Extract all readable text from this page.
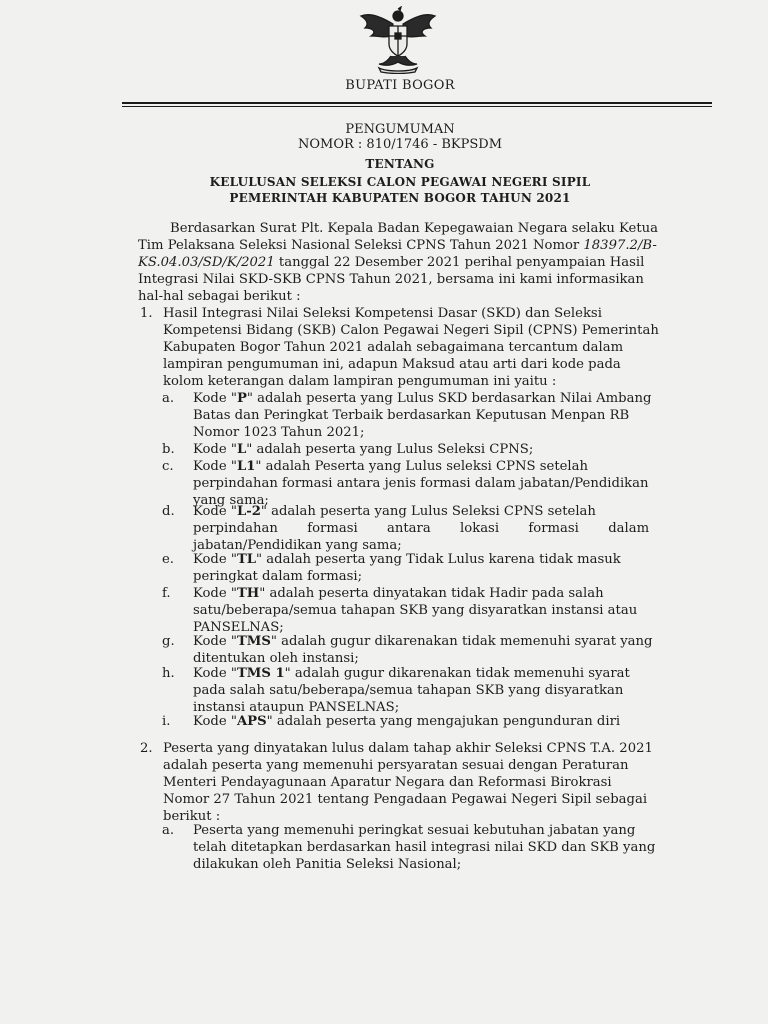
BUPATI BOGOR
PENGUMUMAN
NOMOR : 810/1746 - BKPSDM
TENTANG
KELULUSAN SELEKSI CALON PEGAWAI NEGERI SIPIL
PEMERINTAH KABUPATEN BOGOR TAHUN 2021
Berdasarkan Surat Plt. Kepala Badan Kepegawaian Negara selaku Ketua
Tim Pelaksana Seleksi Nasional Seleksi CPNS Tahun 2021 Nomor 18397.2/B-
KS.04.03/SD/K/2021 tanggal 22 Desember 2021 perihal penyampaian Hasil
Integrasi Nilai SKD-SKB CPNS Tahun 2021, bersama ini kami informasikan
hal-hal sebagai berikut :
1. Hasil Integrasi Nilai Seleksi Kompetensi Dasar (SKD) dan Seleksi
Kompetensi Bidang (SKB) Calon Pegawai Negeri Sipil (CPNS) Pemerintah
Kabupaten Bogor Tahun 2021 adalah sebagaimana tercantum dalam
lampiran pengumuman ini, adapun Maksud atau arti dari kode pada
kolom keterangan dalam lampiran pengumuman ini yaitu :
a. Kode "P" adalah peserta yang Lulus SKD berdasarkan Nilai Ambang
Batas dan Peringkat Terbaik berdasarkan Keputusan Menpan RB
Nomor 1023 Tahun 2021;
b. Kode "L" adalah peserta yang Lulus Seleksi CPNS;
c. Kode "L1" adalah Peserta yang Lulus seleksi CPNS setelah
perpindahan formasi antara jenis formasi dalam jabatan/Pendidikan
yang sama;
d. Kode "L-2" adalah peserta yang Lulus Seleksi CPNS setelah
perpindahan       formasi       antara       lokasi       formasi       dalam
jabatan/Pendidikan yang sama;
e. Kode "TL" adalah peserta yang Tidak Lulus karena tidak masuk
peringkat dalam formasi;
f. Kode "TH" adalah peserta dinyatakan tidak Hadir pada salah
satu/beberapa/semua tahapan SKB yang disyaratkan instansi atau
PANSELNAS;
g. Kode "TMS" adalah gugur dikarenakan tidak memenuhi syarat yang
ditentukan oleh instansi;
h. Kode "TMS 1" adalah gugur dikarenakan tidak memenuhi syarat
pada salah satu/beberapa/semua tahapan SKB yang disyaratkan
instansi ataupun PANSELNAS;
i. Kode "APS" adalah peserta yang mengajukan pengunduran diri
2. Peserta yang dinyatakan lulus dalam tahap akhir Seleksi CPNS T.A. 2021
adalah peserta yang memenuhi persyaratan sesuai dengan Peraturan
Menteri Pendayagunaan Aparatur Negara dan Reformasi Birokrasi
Nomor 27 Tahun 2021 tentang Pengadaan Pegawai Negeri Sipil sebagai
berikut :
a. Peserta yang memenuhi peringkat sesuai kebutuhan jabatan yang
telah ditetapkan berdasarkan hasil integrasi nilai SKD dan SKB yang
dilakukan oleh Panitia Seleksi Nasional;
